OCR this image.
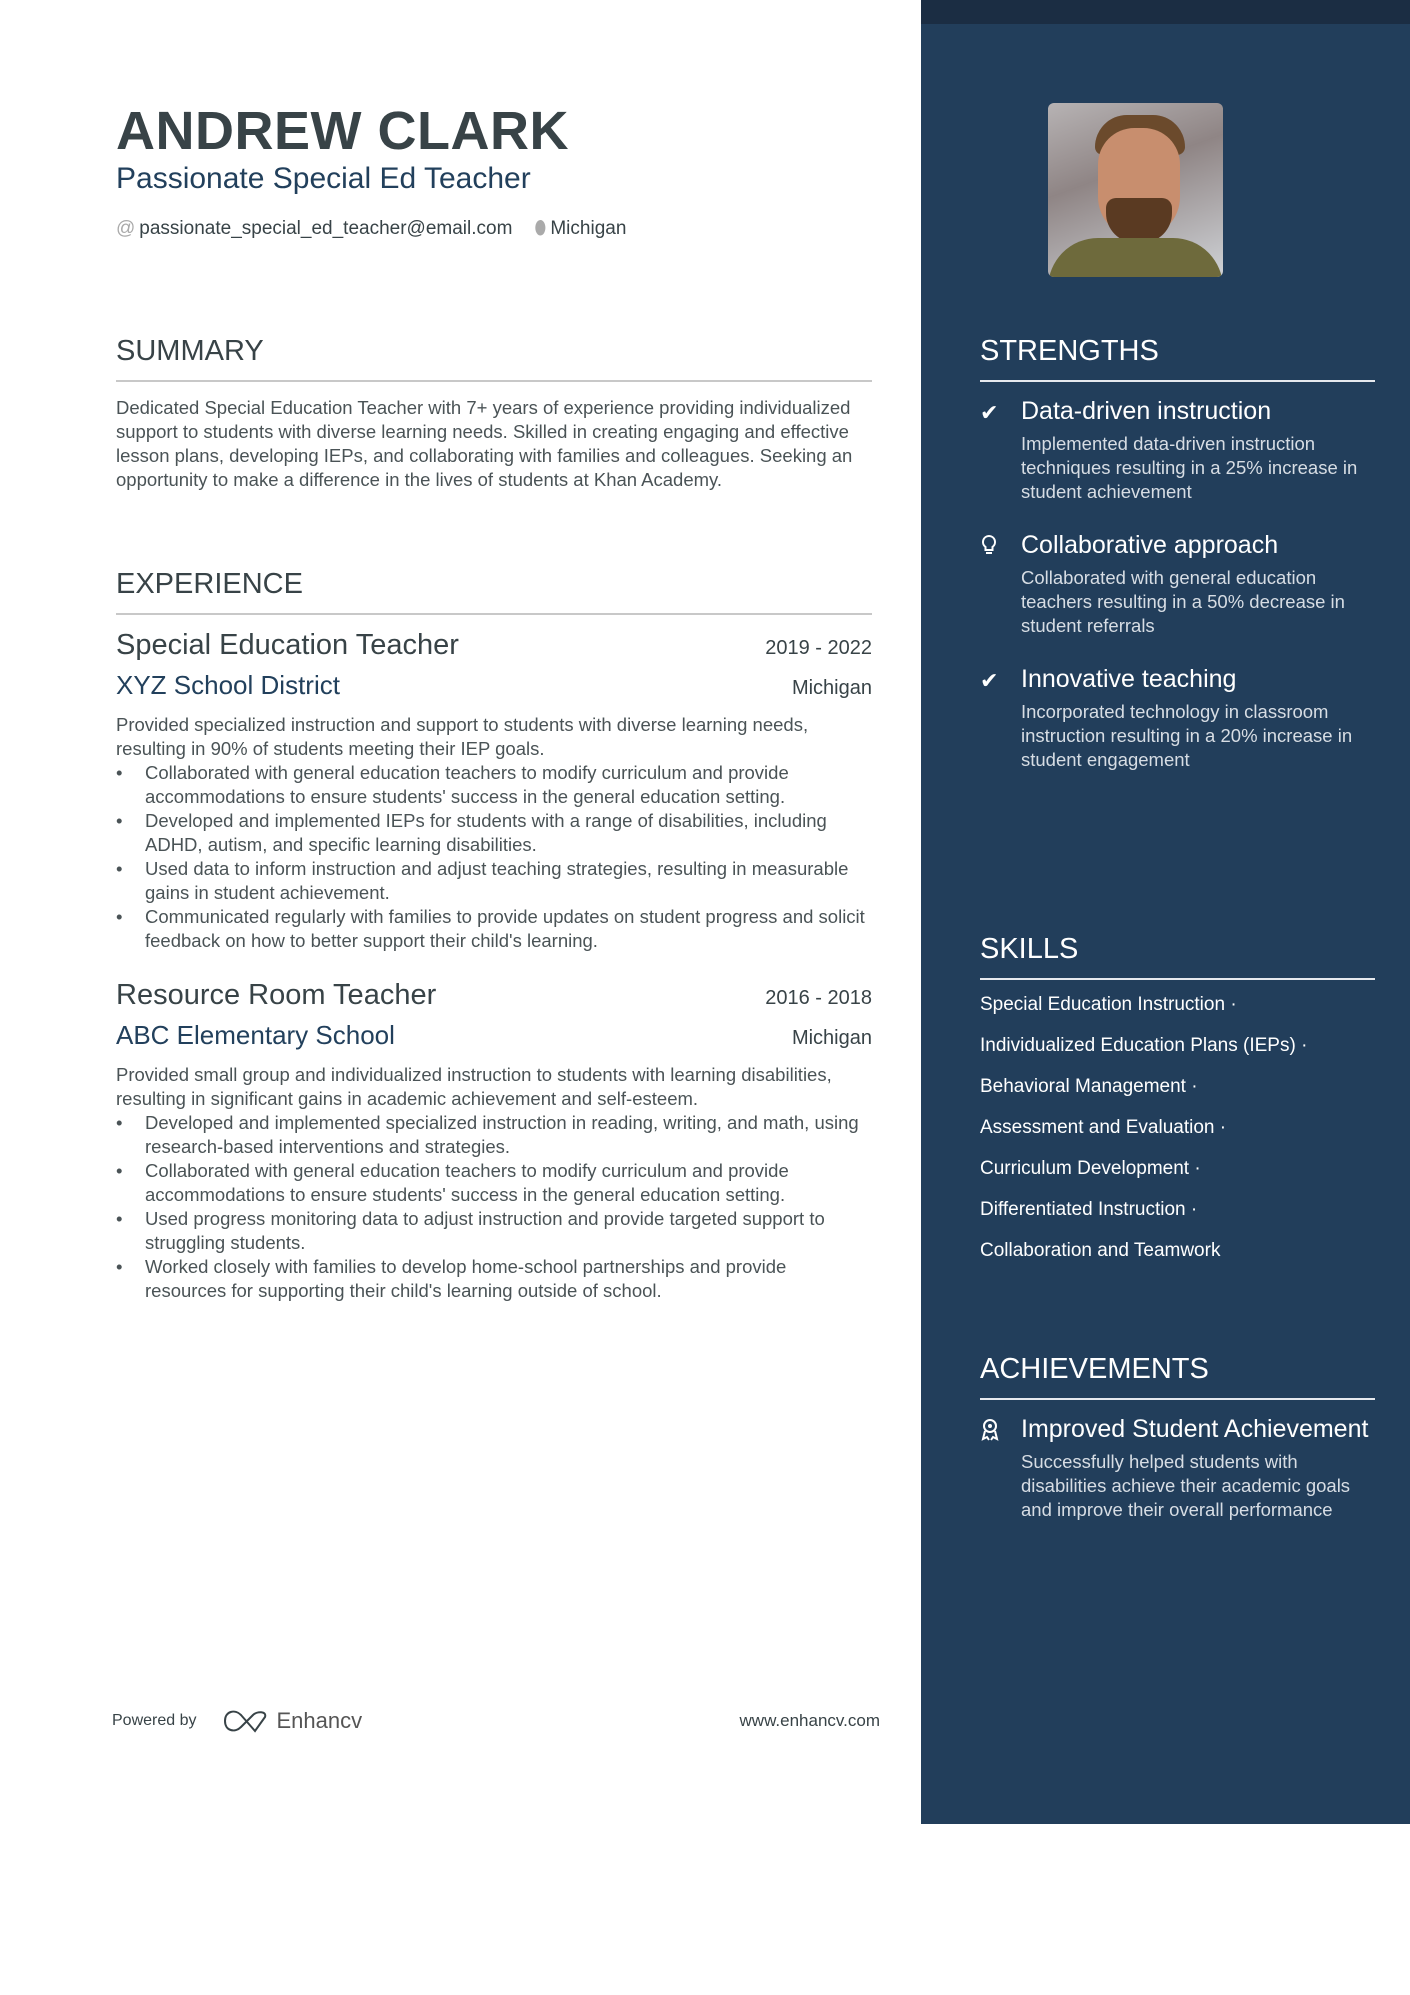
ANDREW CLARK
Passionate Special Ed Teacher
@ passionate_special_ed_teacher@email.com ⬮ Michigan
SUMMARY

Dedicated Special Education Teacher with 7+ years of experience providing individualized support to students with diverse learning needs. Skilled in creating engaging and effective lesson plans, developing IEPs, and collaborating with families and colleagues. Seeking an opportunity to make a difference in the lives of students at Khan Academy.

EXPERIENCE
Special Education Teacher	2019 - 2022
XYZ School District	Michigan

Provided specialized instruction and support to students with diverse learning needs, resulting in 90% of students meeting their IEP goals.

• Collaborated with general education teachers to modify curriculum and provide accommodations to ensure students' success in the general education setting.
• Developed and implemented IEPs for students with a range of disabilities, including ADHD, autism, and specific learning disabilities.
• Used data to inform instruction and adjust teaching strategies, resulting in measurable gains in student achievement.
• Communicated regularly with families to provide updates on student progress and solicit feedback on how to better support their child's learning.
Resource Room Teacher	2016 - 2018
ABC Elementary School	Michigan

Provided small group and individualized instruction to students with learning disabilities, resulting in significant gains in academic achievement and self-esteem.

• Developed and implemented specialized instruction in reading, writing, and math, using research-based interventions and strategies.
• Collaborated with general education teachers to modify curriculum and provide accommodations to ensure students' success in the general education setting.
• Used progress monitoring data to adjust instruction and provide targeted support to struggling students.
• Worked closely with families to develop home-school partnerships and provide resources for supporting their child's learning outside of school.
STRENGTHS
✔ Data-driven instruction
Implemented data-driven instruction techniques resulting in a 25% increase in student achievement
Collaborative approach
Collaborated with general education teachers resulting in a 50% decrease in student referrals
✔ Innovative teaching
Incorporated technology in classroom instruction resulting in a 20% increase in student engagement
SKILLS
Special Education Instruction ·
Individualized Education Plans (IEPs) ·
Behavioral Management ·
Assessment and Evaluation ·
Curriculum Development ·
Differentiated Instruction ·
Collaboration and Teamwork
ACHIEVEMENTS
Improved Student Achievement
Successfully helped students with disabilities achieve their academic goals and improve their overall performance
Powered by	Enhancv	www.enhancv.com
